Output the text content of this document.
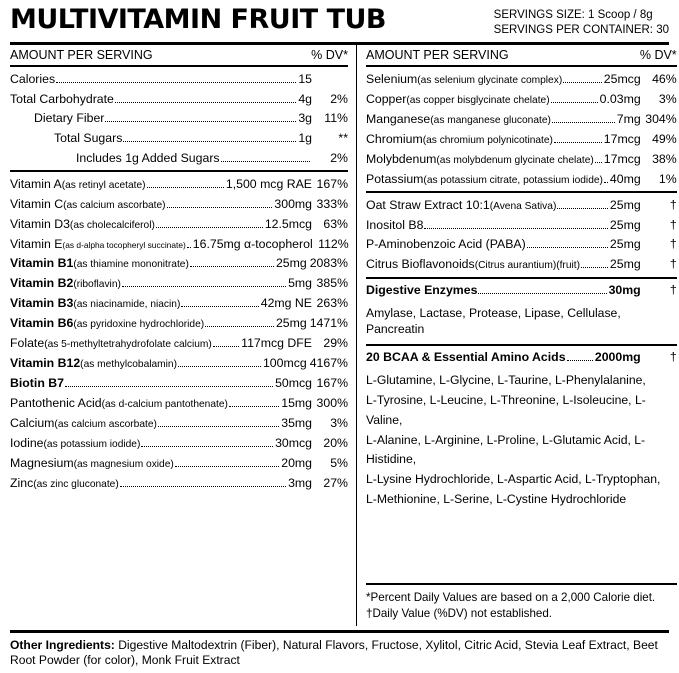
MULTIVITAMIN FRUIT TUB	SERVINGS SIZE: 1 Scoop / 8g
SERVINGS PER CONTAINER: 30
AMOUNT PER SERVING	% DV*
Calories	15
Total Carbohydrate	4g	2%
Dietary Fiber	3g 11%
Total Sugars	1g	**
Includes 1g Added Sugars	2%
Vitamin A (as retinyl acetate)	1,500 mcg RAE 167%
Vitamin C (as calcium ascorbate)	300mg 333%
Vitamin D3 (as cholecalciferol)	12.5mcg 63%
Vitamin E (as d-alpha tocopheryl succinate) 16.75mg α-tocopherol 112%
Vitamin B1 (as thiamine mononitrate)	25mg 2083%
Vitamin B2 (riboflavin)	5mg 385%
Vitamin B3 (as niacinamide, niacin)	42mg NE 263%
Vitamin B6 (as pyridoxine hydrochloride)	25mg 1471%
Folate (as 5-methyltetrahydrofolate calcium) 117mcg DFE 29%
Vitamin B12 (as methylcobalamin)	100mcg 4167%
Biotin B7	50mcg 167%
Pantothenic Acid (as d-calcium pantothenate)	15mg 300%
Calcium (as calcium ascorbate)	35mg	3%
Iodine (as potassium iodide)	30mcg 20%
Magnesium (as magnesium oxide)	20mg	5%
Zinc (as zinc gluconate)	3mg 27%
AMOUNT PER SERVING	% DV*
Selenium (as selenium glycinate complex)	25mcg 46%
Copper (as copper bisglycinate chelate)	0.03mg	3%
Manganese (as manganese gluconate)	7mg 304%
Chromium (as chromium polynicotinate)	17mcg 49%
Molybdenum (as molybdenum glycinate chelate) 17mcg 38%
Potassium (as potassium citrate, potassium iodide) 40mg	1%
Oat Straw Extract 10:1 (Avena Sativa)	25mg	†
Inositol B8	25mg	†
P-Aminobenzoic Acid (PABA)	25mg	†
Citrus Bioflavonoids (Citrus aurantium)(fruit) 25mg	†
Digestive Enzymes	30mg	†
Amylase, Lactase, Protease, Lipase, Cellulase, Pancreatin
20 BCAA & Essential Amino Acids 2000mg	†
L-Glutamine, L-Glycine, L-Taurine, L-Phenylalanine,
L-Tyrosine, L-Leucine, L-Threonine, L-Isoleucine, L-Valine,
L-Alanine, L-Arginine, L-Proline, L-Glutamic Acid, L-Histidine,
L-Lysine Hydrochloride, L-Aspartic Acid, L-Tryptophan,
L-Methionine, L-Serine, L-Cystine Hydrochloride
*Percent Daily Values are based on a 2,000 Calorie diet.
†Daily Value (%DV) not established.
Other Ingredients: Digestive Maltodextrin (Fiber), Natural Flavors, Fructose, Xylitol, Citric Acid, Stevia Leaf Extract, Beet Root Powder (for color), Monk Fruit Extract
